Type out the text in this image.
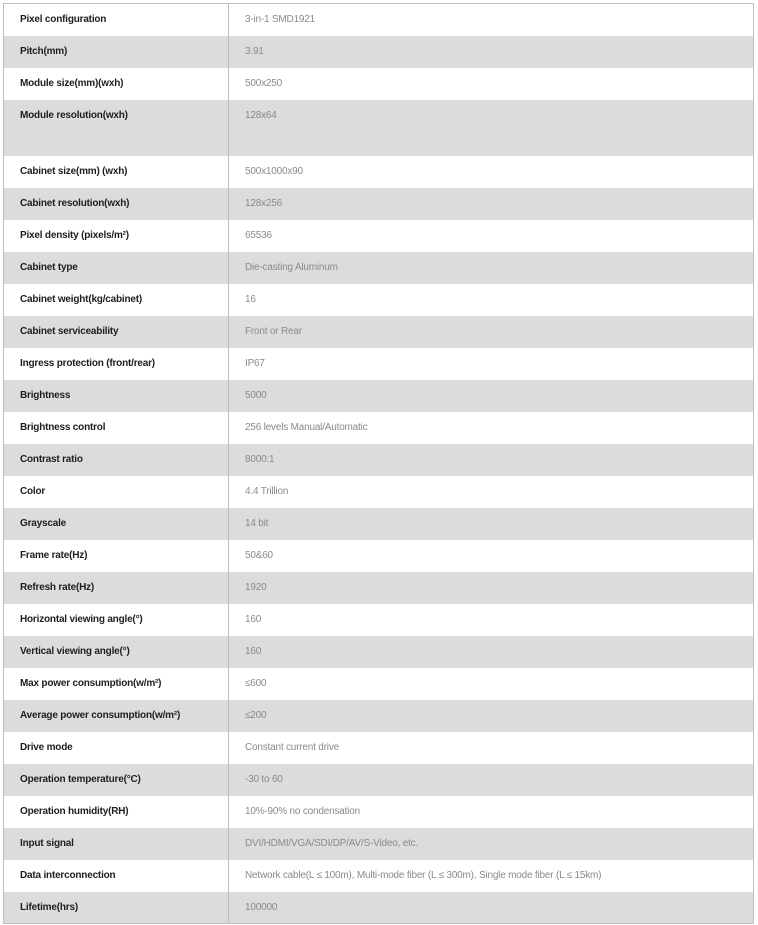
Pixel configuration	3-in-1 SMD1921

Pitch(mm)	3.91

Module size(mm)(wxh)	500x250

Module resolution(wxh)	128x64

Cabinet size(mm) (wxh)	500x1000x90

Cabinet resolution(wxh)	128x256

Pixel density (pixels/m²)	65536

Cabinet type	Die-casting Aluminum

Cabinet weight(kg/cabinet)	16

Cabinet serviceability	Front or Rear

Ingress protection (front/rear)	IP67

Brightness	5000

Brightness control	256 levels Manual/Automatic

Contrast ratio	8000:1

Color	4.4 Trillion

Grayscale	14 bit

Frame rate(Hz)	50&60

Refresh rate(Hz)	1920

Horizontal viewing angle(°)	160

Vertical viewing angle(°)	160

Max power consumption(w/m²)	≤600

Average power consumption(w/m²)	≤200

Drive mode	Constant current drive

Operation temperature(°C)	-30 to 60

Operation humidity(RH)	10%-90% no condensation

Input signal	DVI/HDMI/VGA/SDI/DP/AV/S-Video, etc.

Data interconnection	Network cable(L ≤ 100m), Multi-mode fiber (L ≤ 300m), Single mode fiber (L ≤ 15km)

Lifetime(hrs)	100000
